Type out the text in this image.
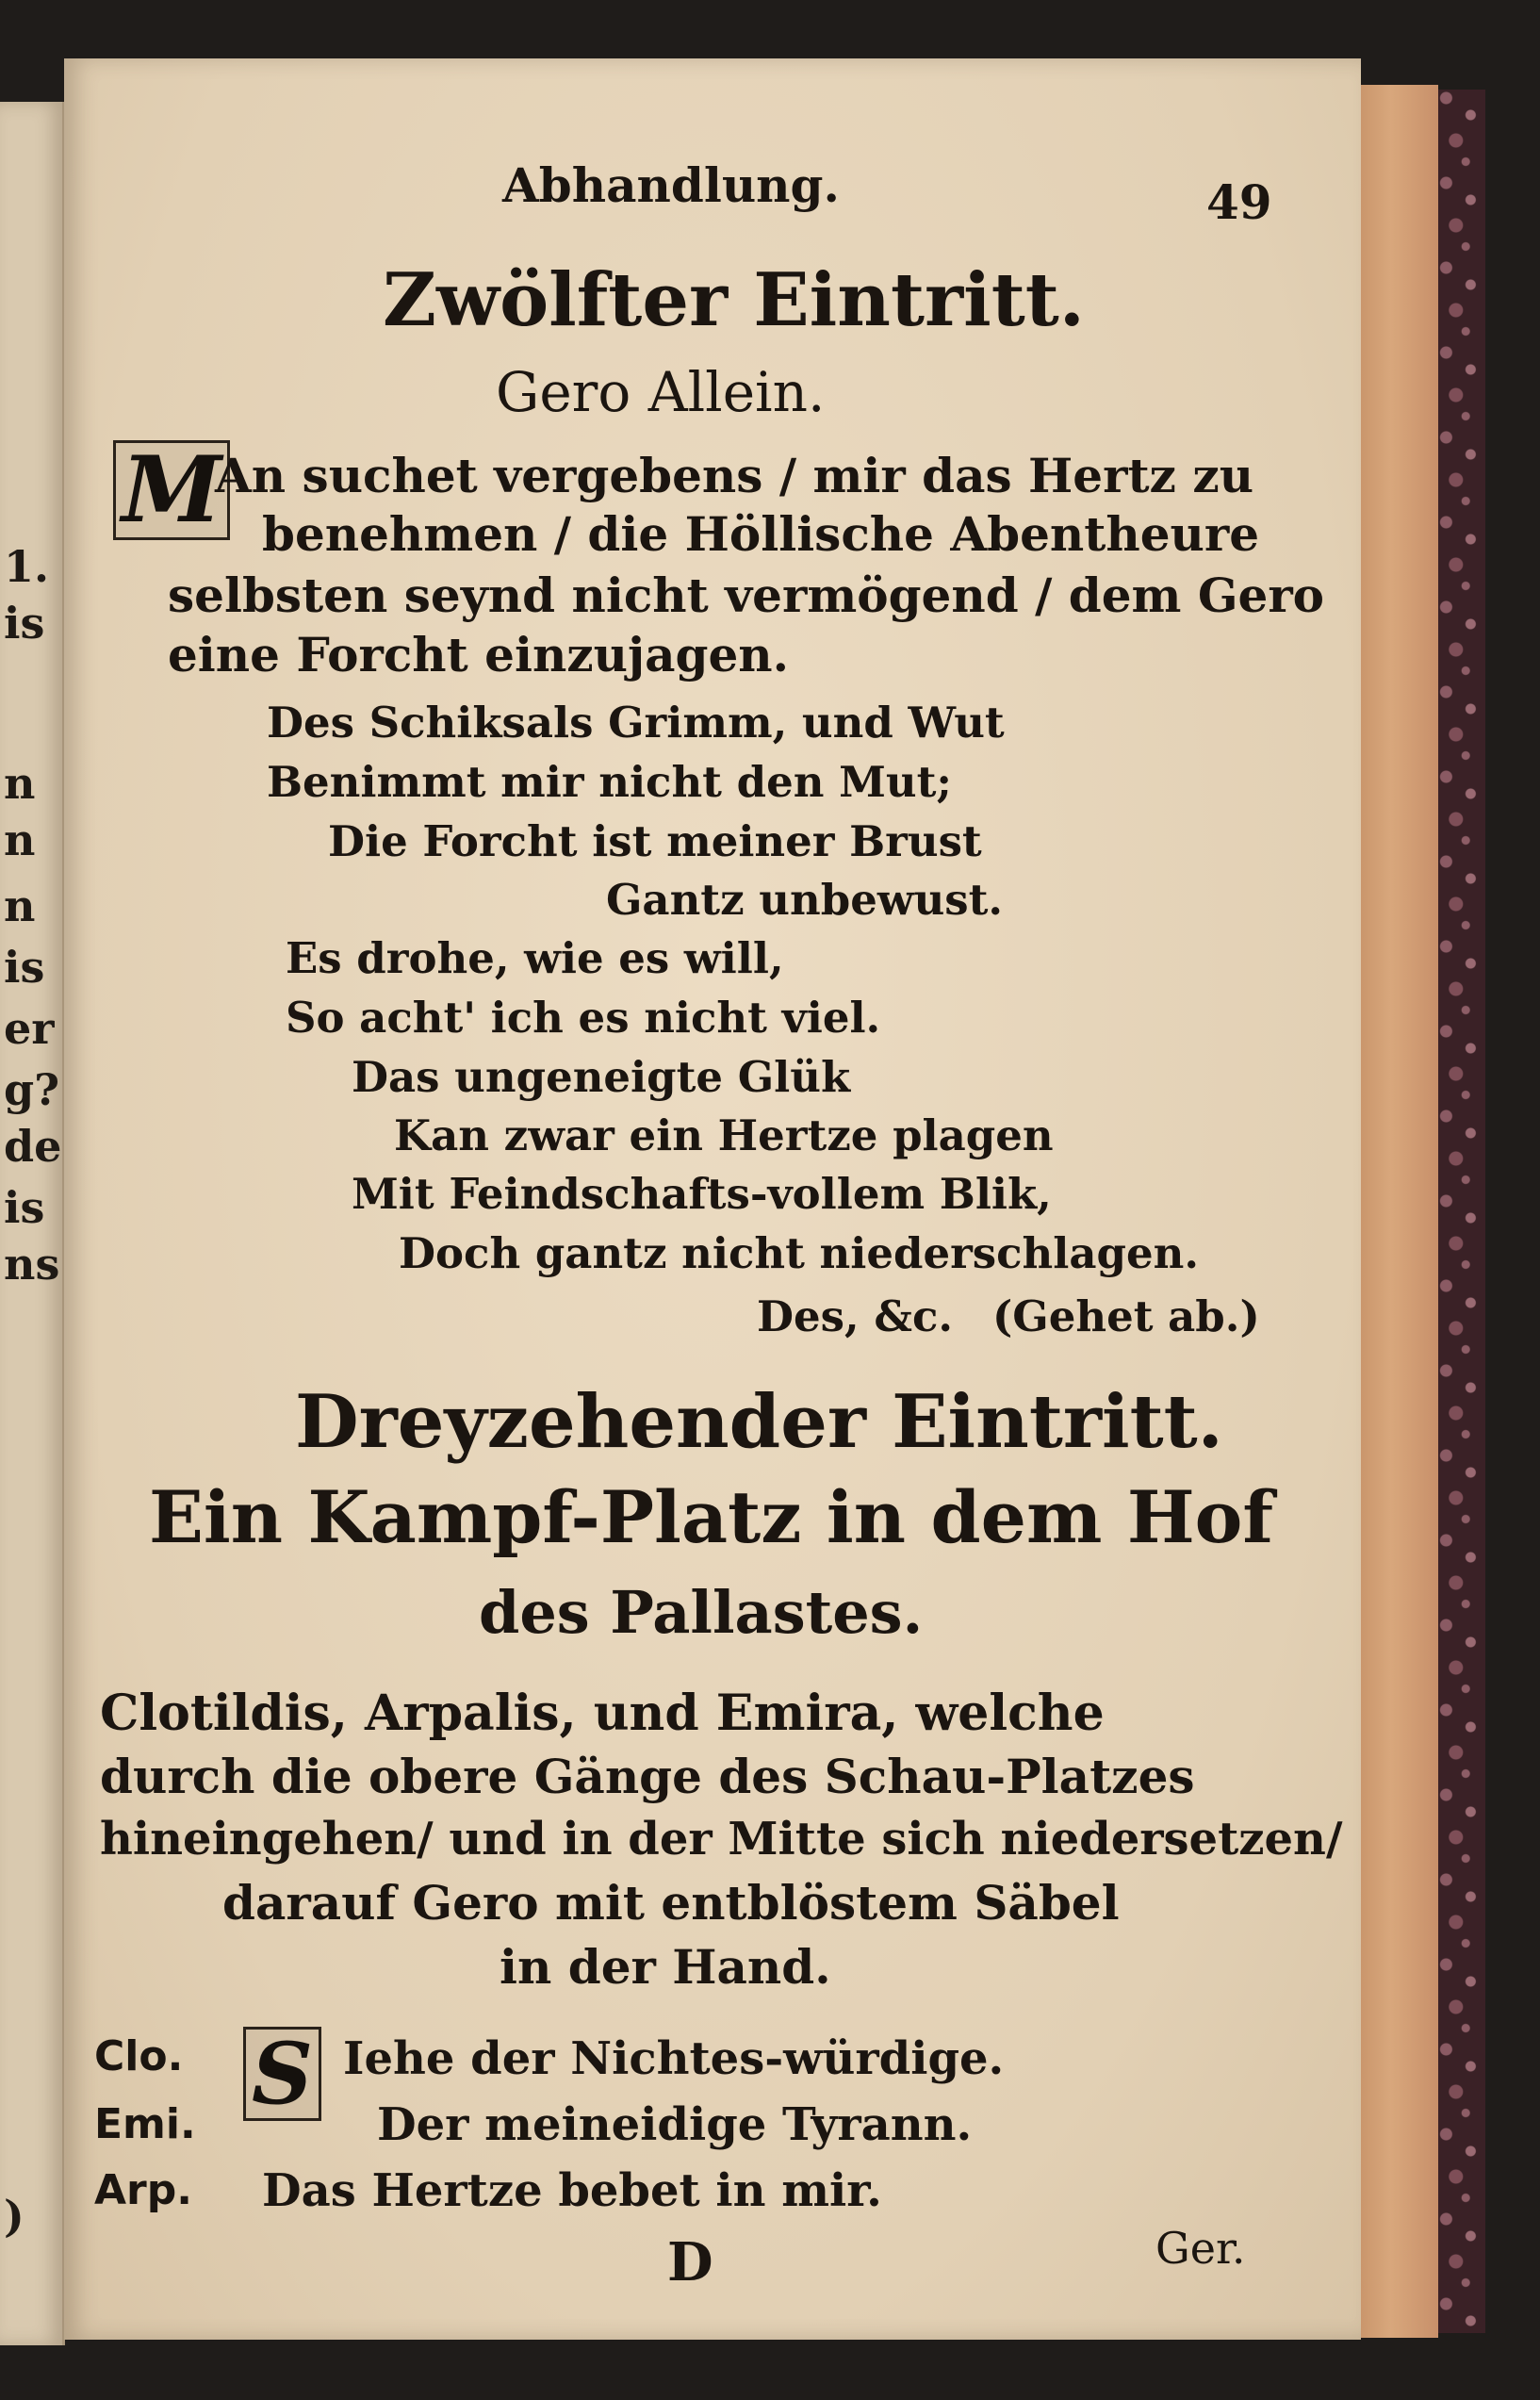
1.
is
n
n
n
is
er
g?
de
is
ns
)
Abhandlung.	49
Zwölfter Eintritt.
Gero Allein.
M
An suchet vergebens / mir das Hertz zu
benehmen / die Höllische Abentheure
selbsten seynd nicht vermögend / dem Gero
eine Forcht einzujagen.
Des Schiksals Grimm, und Wut
Benimmt mir nicht den Mut;
Die Forcht ist meiner Brust
Gantz unbewust.
Es drohe, wie es will,
So acht' ich es nicht viel.
Das ungeneigte Glük
Kan zwar ein Hertze plagen
Mit Feindschafts-vollem Blik,
Doch gantz nicht niederschlagen.
Des, &c. (Gehet ab.)
Dreyzehender Eintritt.
Ein Kampf-Platz in dem Hof
des Pallastes.
Clotildis, Arpalis, und Emira, welche
durch die obere Gänge des Schau-Platzes
hineingehen/ und in der Mitte sich niedersetzen/
darauf Gero mit entblöstem Säbel
in der Hand.
Clo.
Emi.
Arp.
S Iehe der Nichtes-würdige.
Der meineidige Tyrann.
Das Hertze bebet in mir.
D	Ger.
